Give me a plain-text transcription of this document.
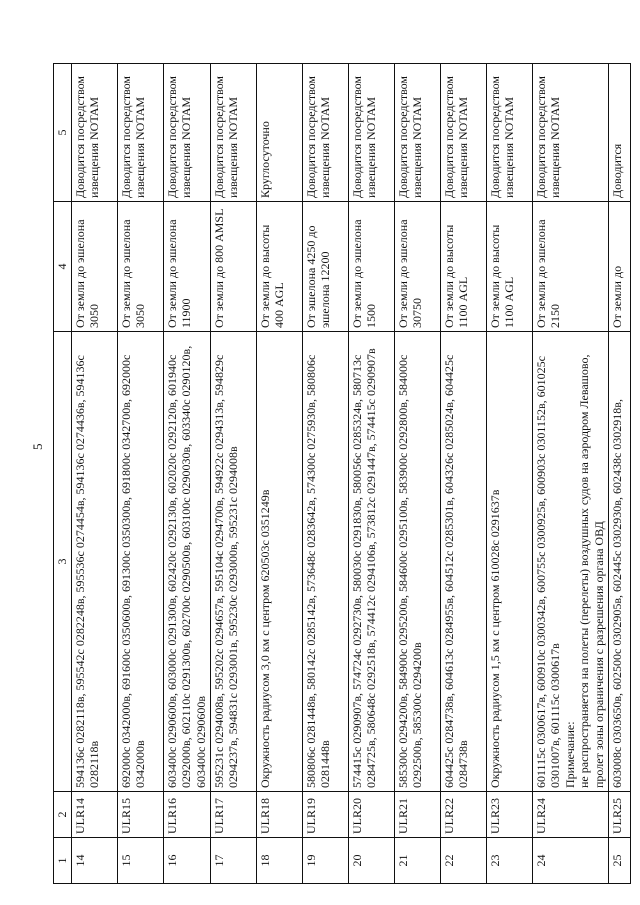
5
1	2	3	4	5
14	ULR14	594136с 0282118в, 595542с 0282248в, 595536с 0274454в, 594136с 0274436в, 594136с 0282118в	От земли до эшелона 3050	Доводится посредством извещения NOTAM
15	ULR15	692000с 0342000в, 691600с 0350600в, 691300с 0350300в, 691800с 0342700в, 692000с 0342000в	От земли до эшелона 3050	Доводится посредством извещения NOTAM
16	ULR16	603400с 0290600в, 603000с 0291300в, 602420с 0292130в, 602020с 0292120в, 601940с 0292000в, 602110с 0291300в, 602700с 0290500в, 603100с 0290030в, 603340с 0290120в, 603400с 0290600в	От земли до эшелона 11900	Доводится посредством извещения NOTAM
17	ULR17	595231с 0294008в, 595202с 0294657в, 595104с 0294700в, 594922с 0294313в, 594829с 0294237в, 594831с 0293001в, 595230с 0293000в, 595231с 0294008в	От земли до 800 AMSL	Доводится посредством извещения NOTAM
18	ULR18	Окружность радиусом 3,0 км с центром 620503с 0351249в	От земли до высоты 400 AGL	Круглосуточно
19	ULR19	580806с 0281448в, 580142с 0285142в, 573648с 0283642в, 574300с 0275930в, 580806с 0281448в	От эшелона 4250 до эшелона 12200	Доводится посредством извещения NOTAM
20	ULR20	574415с 0290907в, 574724с 0292730в, 580030с 0291830в, 580056с 0285324в, 580713с 0284725в, 580648с 0292518в, 574412с 0294106в, 573812с 0291447в, 574415с 0290907в	От земли до эшелона 1500	Доводится посредством извещения NOTAM
21	ULR21	585300с 0294200в, 584900с 0295200в, 584600с 0295100в, 583900с 0292800в, 584000с 0292500в, 585300с 0294200в	От земли до эшелона 30750	Доводится посредством извещения NOTAM
22	ULR22	604425с 0284738в, 604613с 0284955в, 604512с 0285301в, 604326с 0285024в, 604425с 0284738в	От земли до высоты 1100 AGL	Доводится посредством извещения NOTAM
23	ULR23	Окружность радиусом 1,5 км с центром 610028с 0291637в	От земли до высоты 1100 AGL	Доводится посредством извещения NOTAM
24	ULR24	601115с 0300617в, 600910с 0300342в, 600755с 0300925в, 600903с 0301152в, 601025с 0301007в, 601115с 0300617в Примечание: не распространяется на полеты (перелеты) воздушных судов на аэродром Левашово, пролет зоны ограничения с разрешения органа ОВД	От земли до эшелона 2150	Доводится посредством извещения NOTAM
25	ULR25	603008с 0303650в, 602500с 0302905в, 602445с 0302930в, 602438с 0302918в,	От земли до	Доводится
